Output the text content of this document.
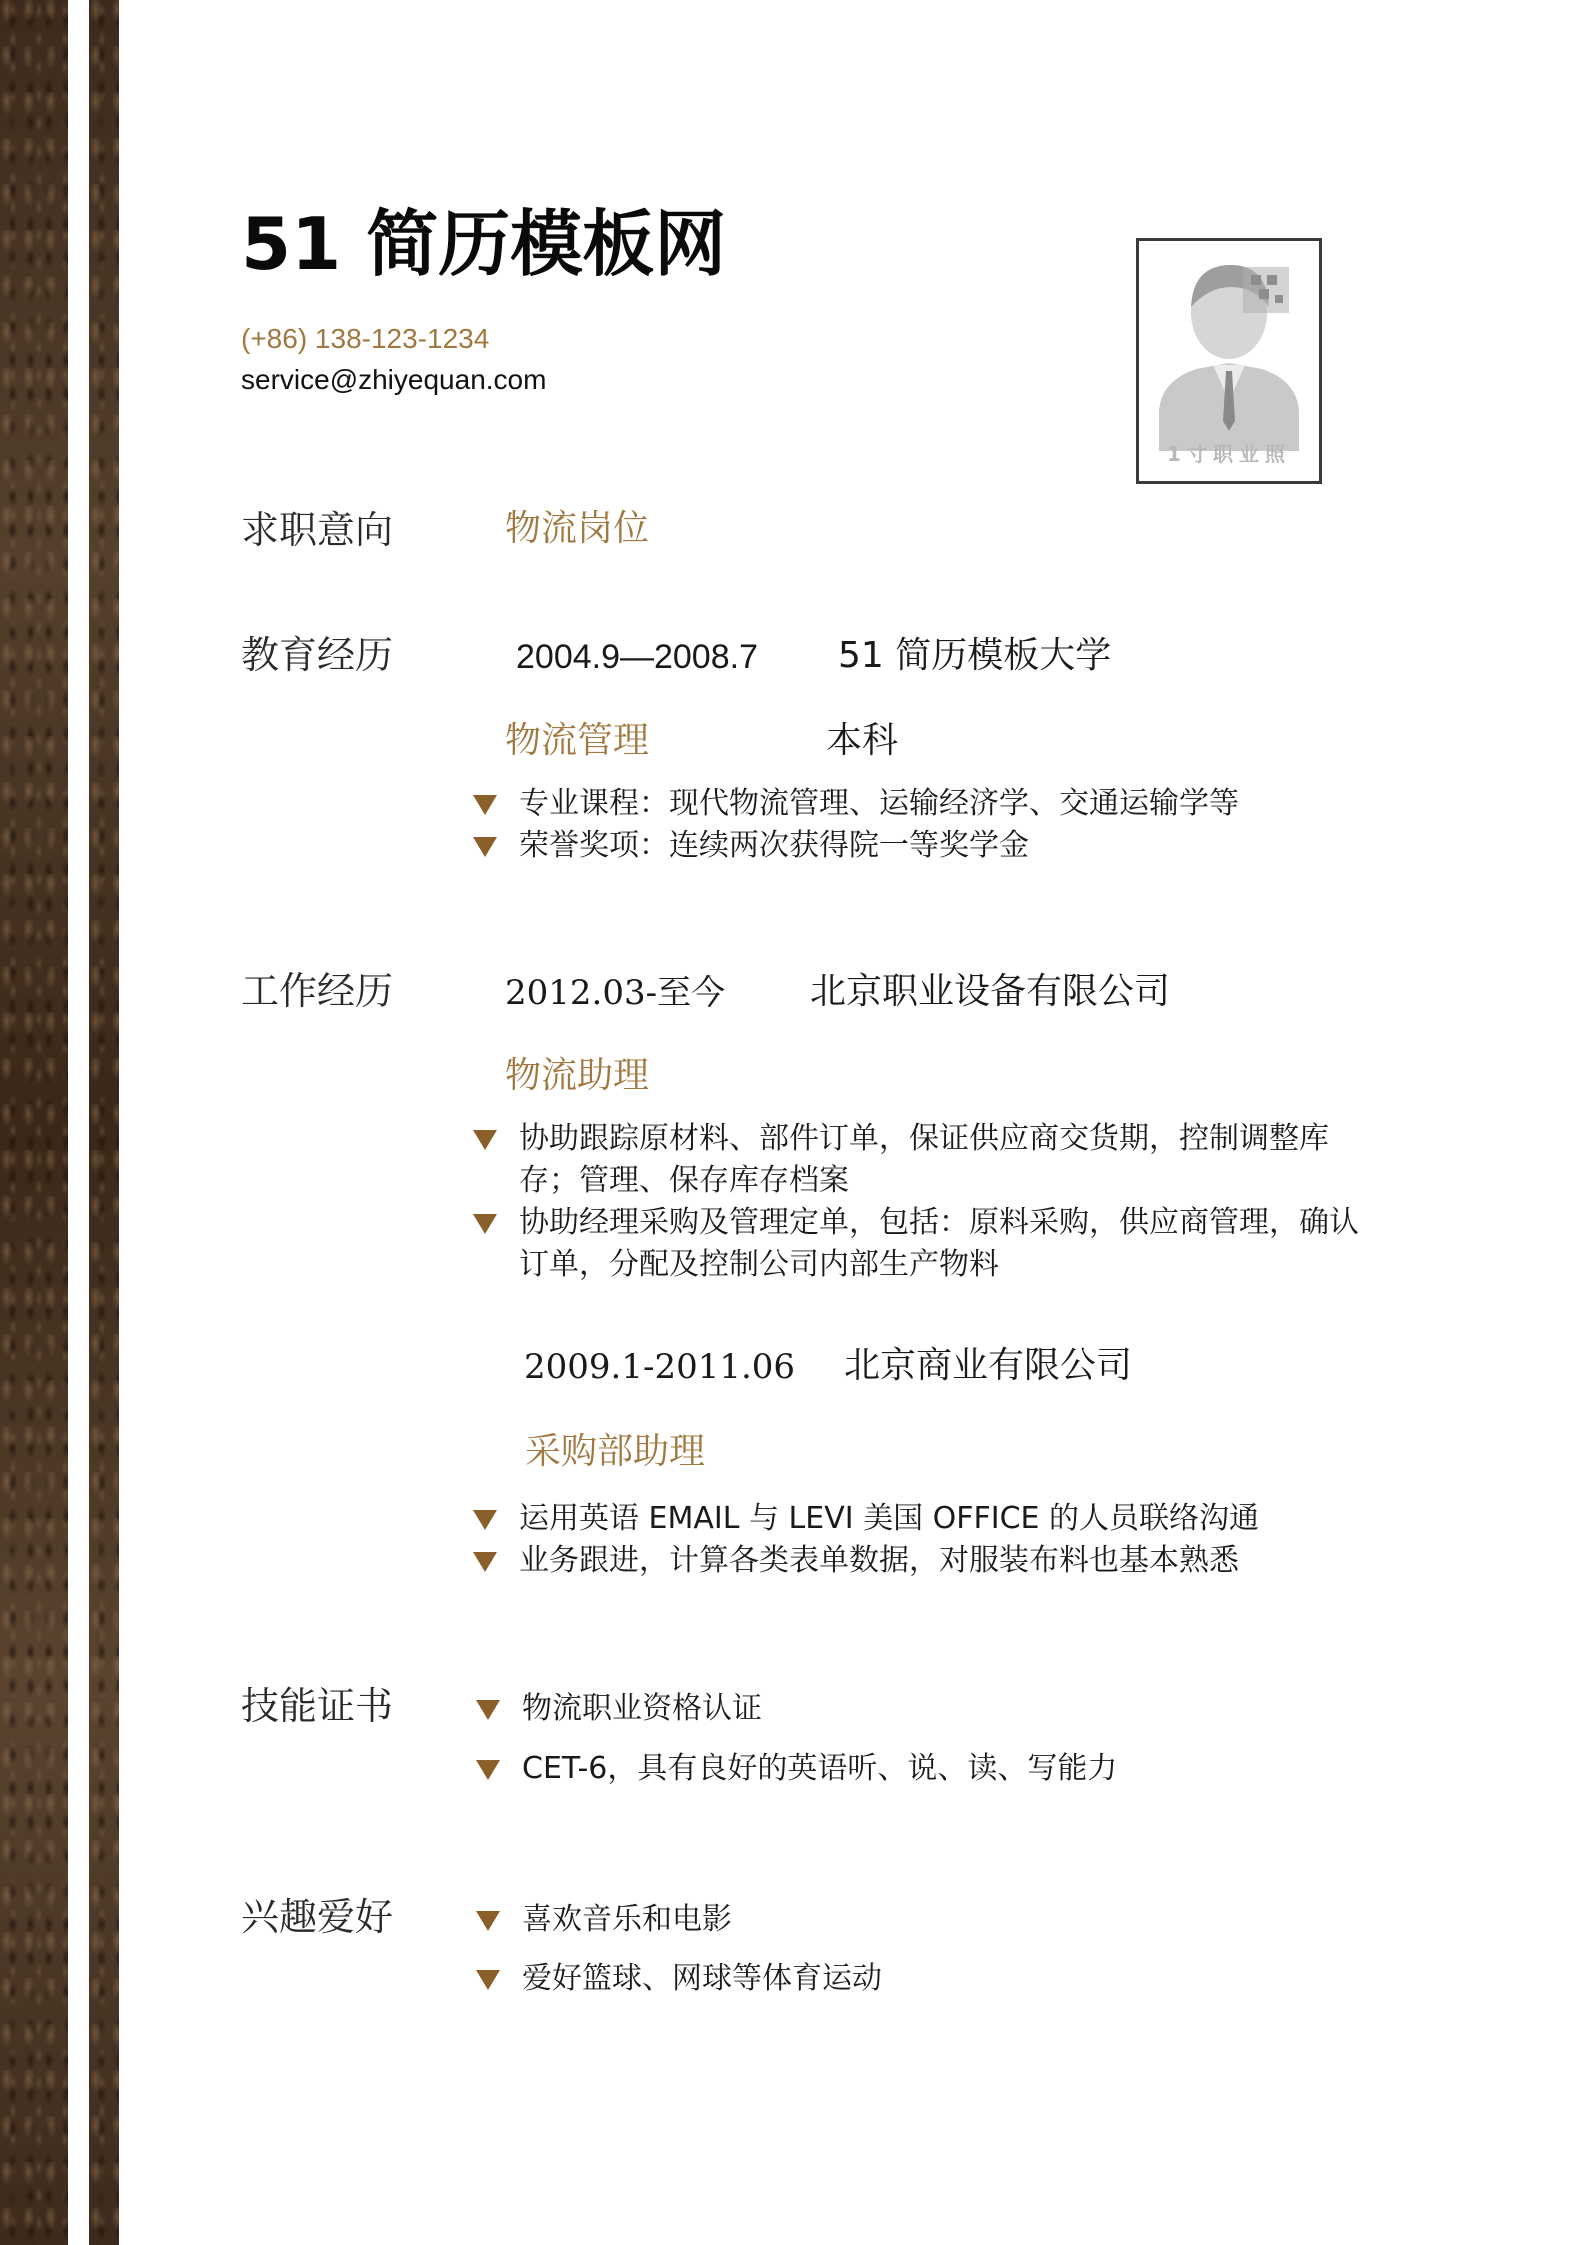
51 简历模板网
(+86) 138-123-1234
service@zhiyequan.com
1寸职业照
求职意向	物流岗位
教育经历	2004.9—2008.7 51 简历模板大学
物流管理	本科
专业课程：现代物流管理、运输经济学、交通运输学等
荣誉奖项：连续两次获得院一等奖学金
工作经历	2012.03-至今 北京职业设备有限公司
物流助理
协助跟踪原材料、部件订单，保证供应商交货期，控制调整库存；管理、保存库存档案
协助经理采购及管理定单，包括：原料采购，供应商管理，确认订单，分配及控制公司内部生产物料
2009.1-2011.06 北京商业有限公司
采购部助理
运用英语 EMAIL 与 LEVI 美国 OFFICE 的人员联络沟通
业务跟进，计算各类表单数据，对服装布料也基本熟悉
技能证书	物流职业资格认证
CET-6，具有良好的英语听、说、读、写能力
兴趣爱好	喜欢音乐和电影
爱好篮球、网球等体育运动
